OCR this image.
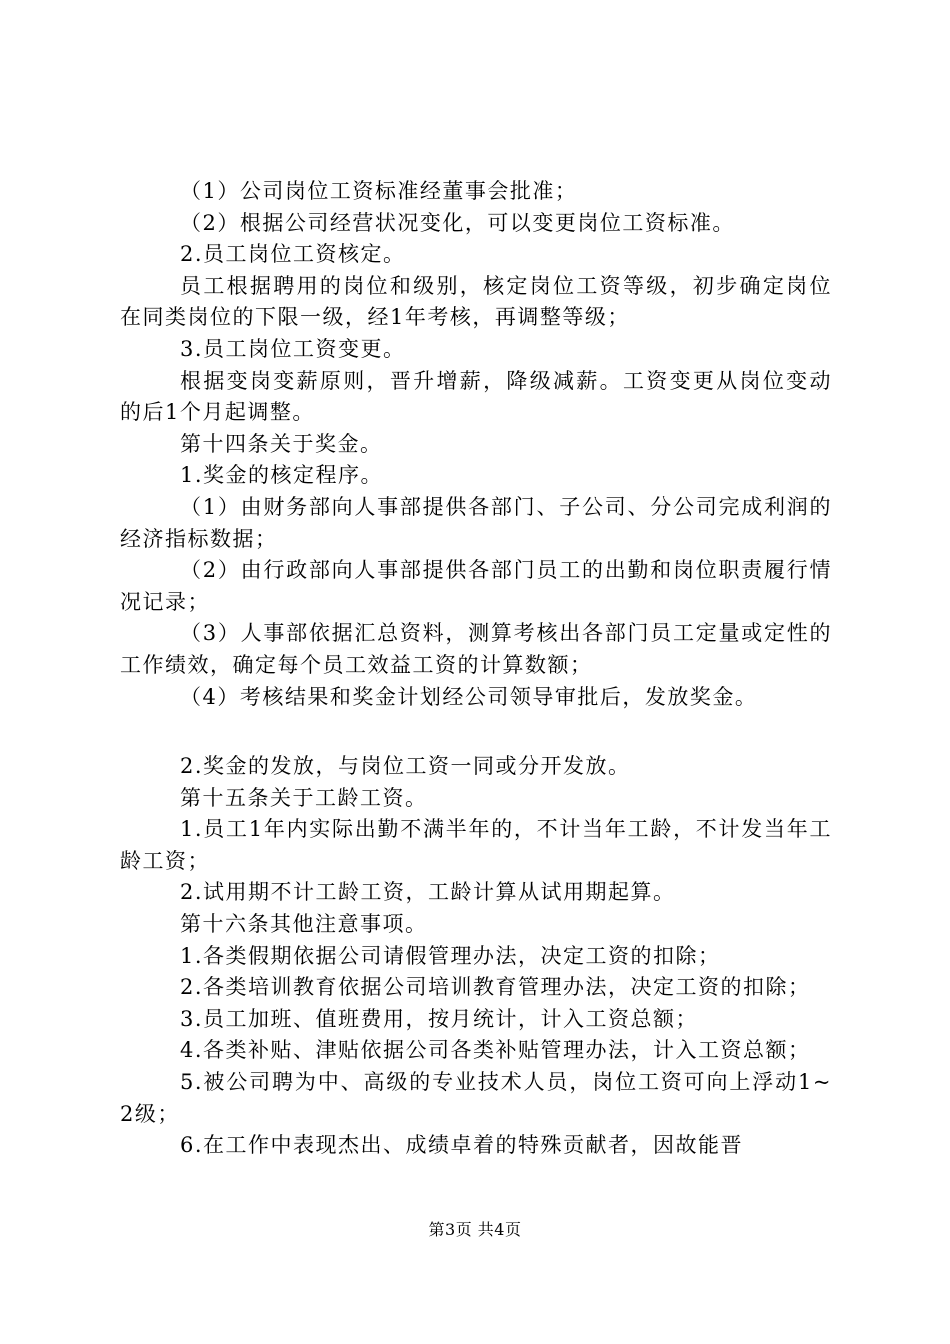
（1）公司岗位工资标准经董事会批准；

（2）根据公司经营状况变化，可以变更岗位工资标准。

2.员工岗位工资核定。

员工根据聘用的岗位和级别，核定岗位工资等级，初步确定岗位在同类岗位的下限一级，经1年考核，再调整等级；

3.员工岗位工资变更。

根据变岗变薪原则，晋升增薪，降级减薪。工资变更从岗位变动的后1个月起调整。

第十四条关于奖金。

1.奖金的核定程序。

（1）由财务部向人事部提供各部门、子公司、分公司完成利润的经济指标数据；

（2）由行政部向人事部提供各部门员工的出勤和岗位职责履行情况记录；

（3）人事部依据汇总资料，测算考核出各部门员工定量或定性的工作绩效，确定每个员工效益工资的计算数额；

（4）考核结果和奖金计划经公司领导审批后，发放奖金。

2.奖金的发放，与岗位工资一同或分开发放。

第十五条关于工龄工资。

1.员工1年内实际出勤不满半年的，不计当年工龄，不计发当年工龄工资；

2.试用期不计工龄工资，工龄计算从试用期起算。

第十六条其他注意事项。

1.各类假期依据公司请假管理办法，决定工资的扣除；

2.各类培训教育依据公司培训教育管理办法，决定工资的扣除；

3.员工加班、值班费用，按月统计，计入工资总额；

4.各类补贴、津贴依据公司各类补贴管理办法，计入工资总额；

5.被公司聘为中、高级的专业技术人员，岗位工资可向上浮动1~2级；

6.在工作中表现杰出、成绩卓着的特殊贡献者，因故能晋

第3页 共4页
